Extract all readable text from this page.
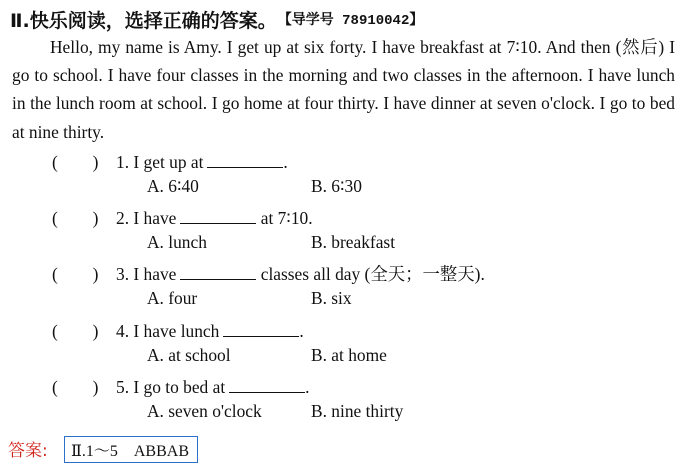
Ⅱ.快乐阅读，选择正确的答案。 【导学号 78910042】

Hello, my name is Amy. I get up at six forty. I have breakfast at 7∶10. And then (然后) I go to school. I have four classes in the morning and two classes in the afternoon. I have lunch in the lunch room at school. I go home at four thirty. I have dinner at seven o'clock. I go to bed at nine thirty.

(　　) 1. I get up at	.
A. 6∶40	B. 6∶30
(　　) 2. I have	at 7∶10.
A. lunch	B. breakfast
(　　) 3. I have	classes all day (全天；一整天).
A. four	B. six
(　　) 4. I have lunch	.
A. at school	B. at home
(　　) 5. I go to bed at	.
A. seven o'clock	B. nine thirty
答案:	Ⅱ.1～5　ABBAB
